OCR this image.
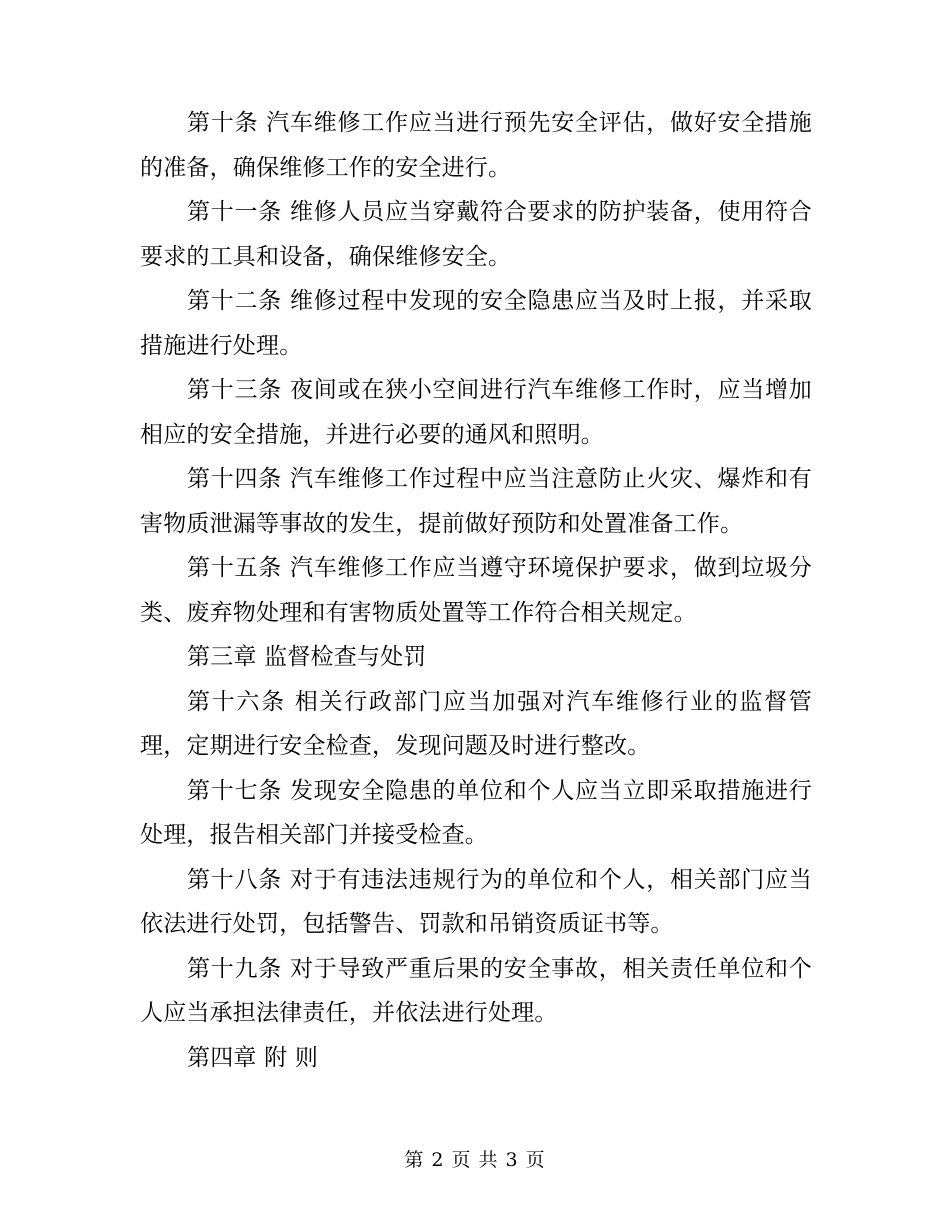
第十条 汽车维修工作应当进行预先安全评估，做好安全措施的准备，确保维修工作的安全进行。

第十一条 维修人员应当穿戴符合要求的防护装备，使用符合要求的工具和设备，确保维修安全。

第十二条 维修过程中发现的安全隐患应当及时上报，并采取措施进行处理。

第十三条 夜间或在狭小空间进行汽车维修工作时，应当增加相应的安全措施，并进行必要的通风和照明。

第十四条 汽车维修工作过程中应当注意防止火灾、爆炸和有害物质泄漏等事故的发生，提前做好预防和处置准备工作。

第十五条 汽车维修工作应当遵守环境保护要求，做到垃圾分类、废弃物处理和有害物质处置等工作符合相关规定。

第三章 监督检查与处罚

第十六条 相关行政部门应当加强对汽车维修行业的监督管理，定期进行安全检查，发现问题及时进行整改。

第十七条 发现安全隐患的单位和个人应当立即采取措施进行处理，报告相关部门并接受检查。

第十八条 对于有违法违规行为的单位和个人，相关部门应当依法进行处罚，包括警告、罚款和吊销资质证书等。

第十九条 对于导致严重后果的安全事故，相关责任单位和个人应当承担法律责任，并依法进行处理。

第四章 附 则

第 2 页 共 3 页
